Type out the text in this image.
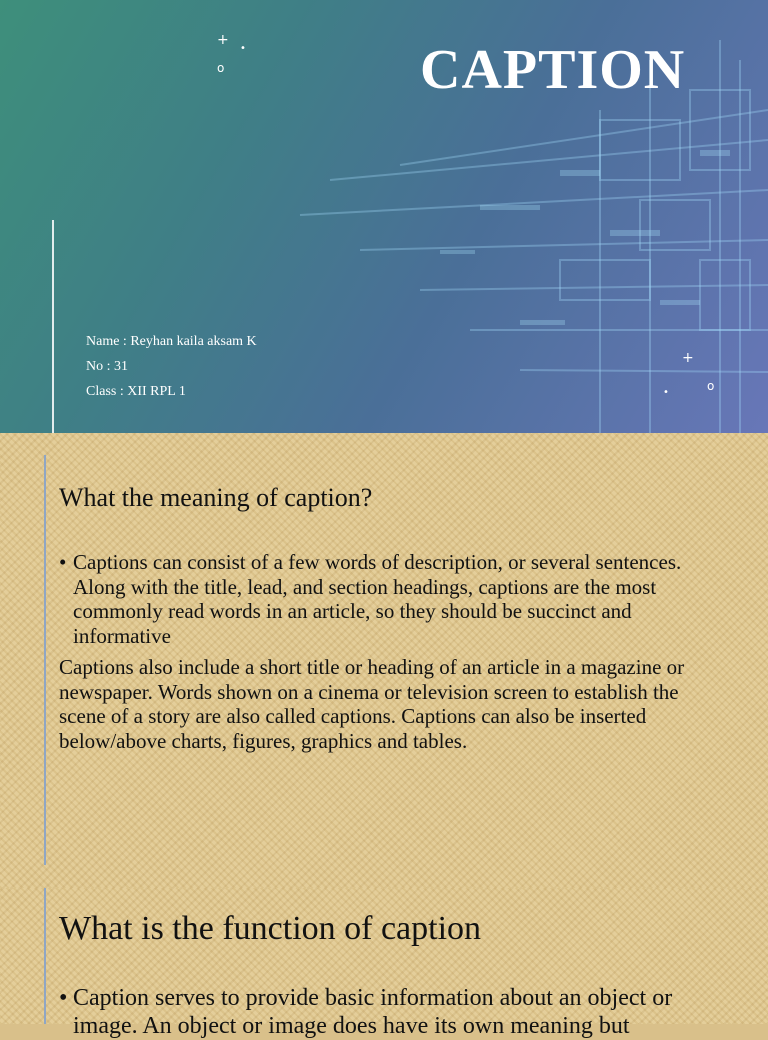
CAPTION
Name : Reyhan kaila aksam K
No : 31
Class : XII RPL 1
+
•
o
+
o
•
What the meaning of caption?
• Captions can consist of a few words of description, or several sentences. Along with the title, lead, and section headings, captions are the most commonly read words in an article, so they should be succinct and informative
Captions also include a short title or heading of an article in a magazine or newspaper. Words shown on a cinema or television screen to establish the scene of a story are also called captions. Captions can also be inserted below/above charts, figures, graphics and tables.
What is the function of caption
• Caption serves to provide basic information about an object or image. An object or image does have its own meaning but
